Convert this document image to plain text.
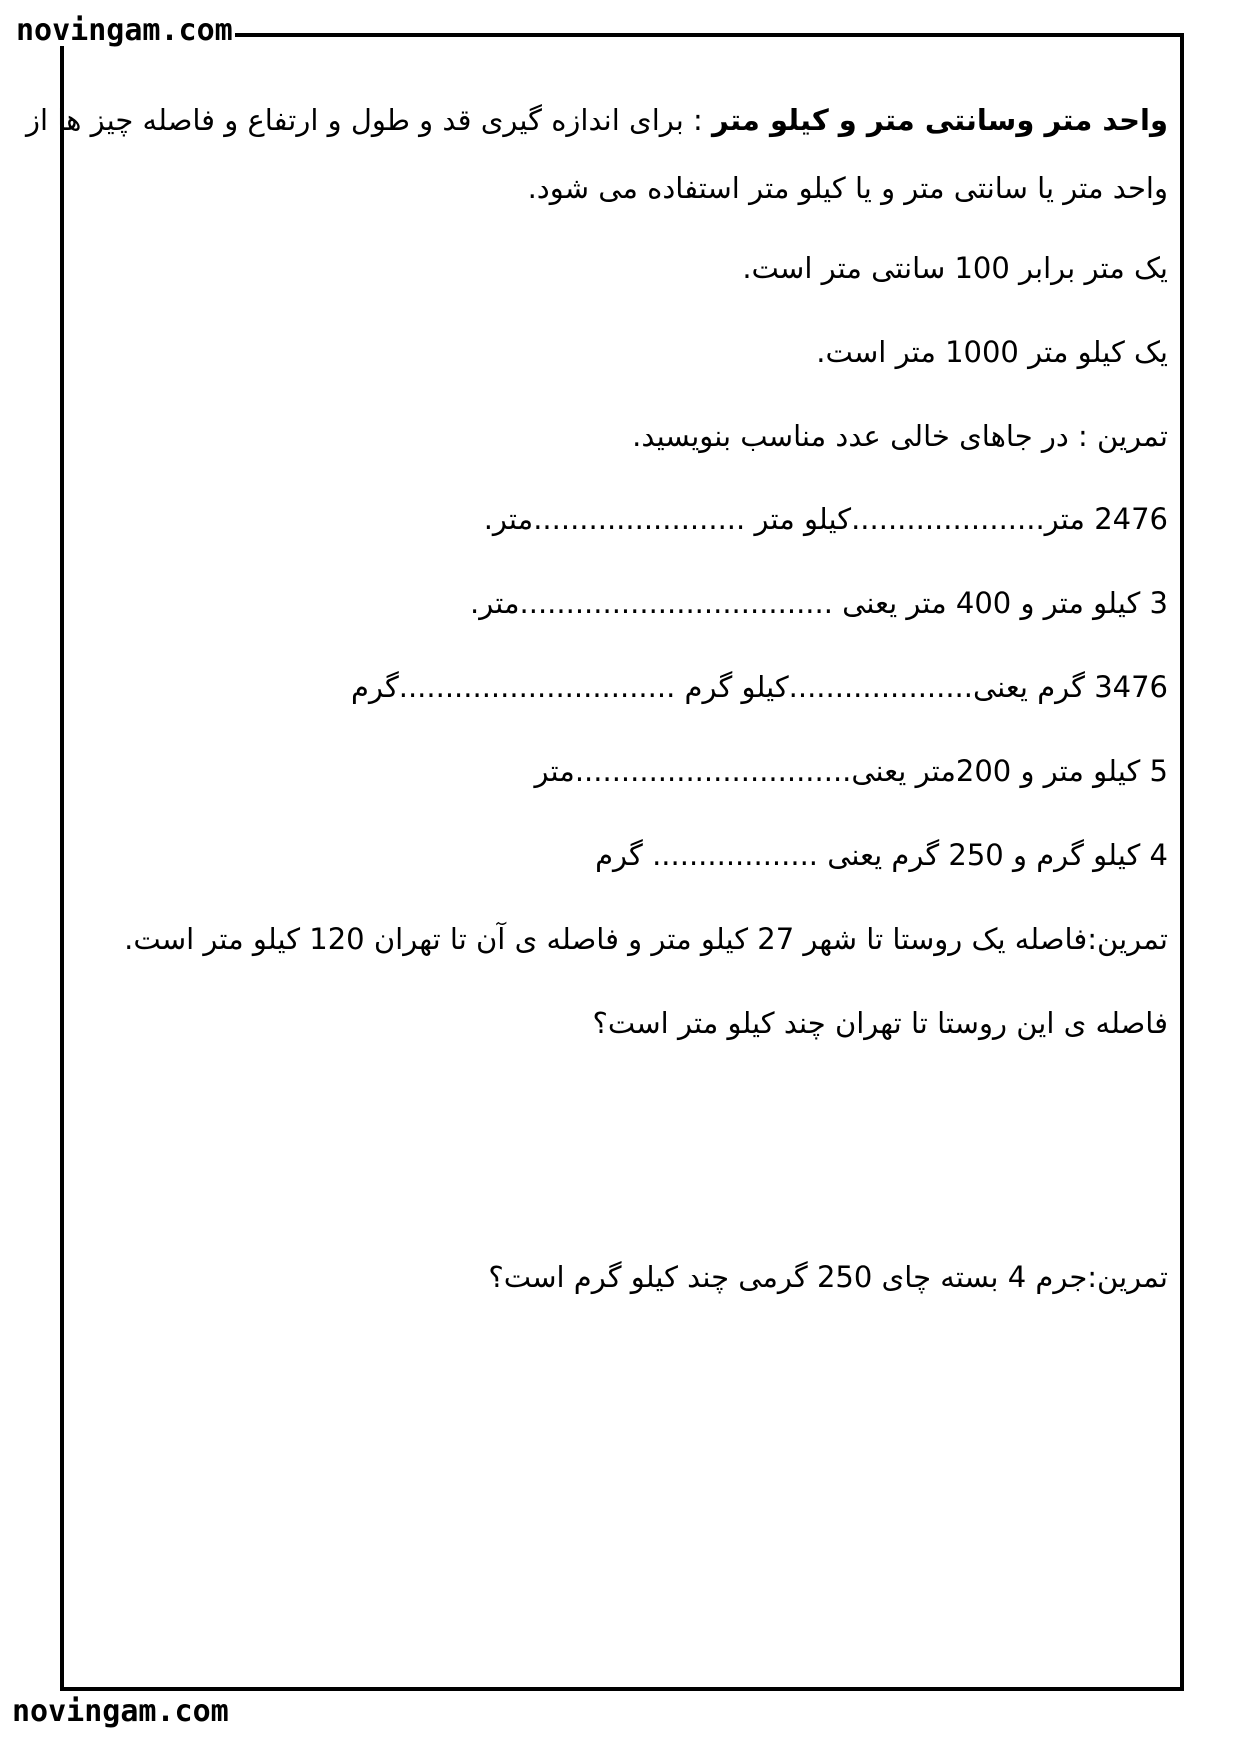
novingam.com
واحد متر وسانتی متر و کیلو متر : برای اندازه گیری قد و طول و ارتفاع و فاصله چیز ها از
واحد متر یا سانتی متر و یا کیلو متر استفاده می شود.
یک متر برابر 100 سانتی متر است.
یک کیلو متر 1000 متر است.
تمرین : در جاهای خالی عدد مناسب بنویسید.
2476 متر.....................کیلو متر .......................متر.
3 کیلو متر و 400 متر یعنی ..................................متر.
3476 گرم یعنی....................کیلو گرم ..............................گرم
5 کیلو متر و 200متر یعنی..............................متر
4 کیلو گرم و 250 گرم یعنی .................. گرم
تمرین:فاصله یک روستا تا شهر 27 کیلو متر و فاصله ی آن تا تهران 120 کیلو متر است.
فاصله ی این روستا تا تهران چند کیلو متر است؟
تمرین:جرم 4 بسته چای 250 گرمی چند کیلو گرم است؟
novingam.com
